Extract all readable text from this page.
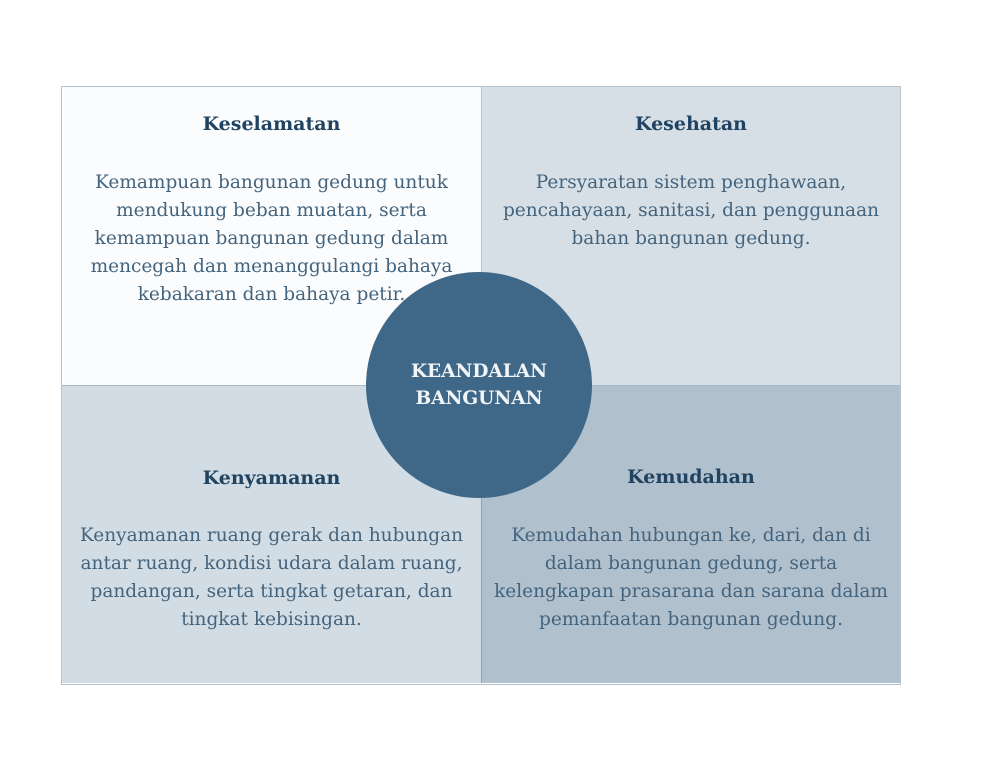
Keselamatan
Kemampuan bangunan gedung untuk mendukung beban muatan, serta kemampuan bangunan gedung dalam mencegah dan menanggulangi bahaya kebakaran dan bahaya petir.
Kesehatan
Persyaratan sistem penghawaan, pencahayaan, sanitasi, dan penggunaan bahan bangunan gedung.
Kenyamanan
Kenyamanan ruang gerak dan hubungan antar ruang, kondisi udara dalam ruang, pandangan, serta tingkat getaran, dan tingkat kebisingan.
Kemudahan
Kemudahan hubungan ke, dari, dan di dalam bangunan gedung, serta kelengkapan prasarana dan sarana dalam pemanfaatan bangunan gedung.
KEANDALAN
BANGUNAN
